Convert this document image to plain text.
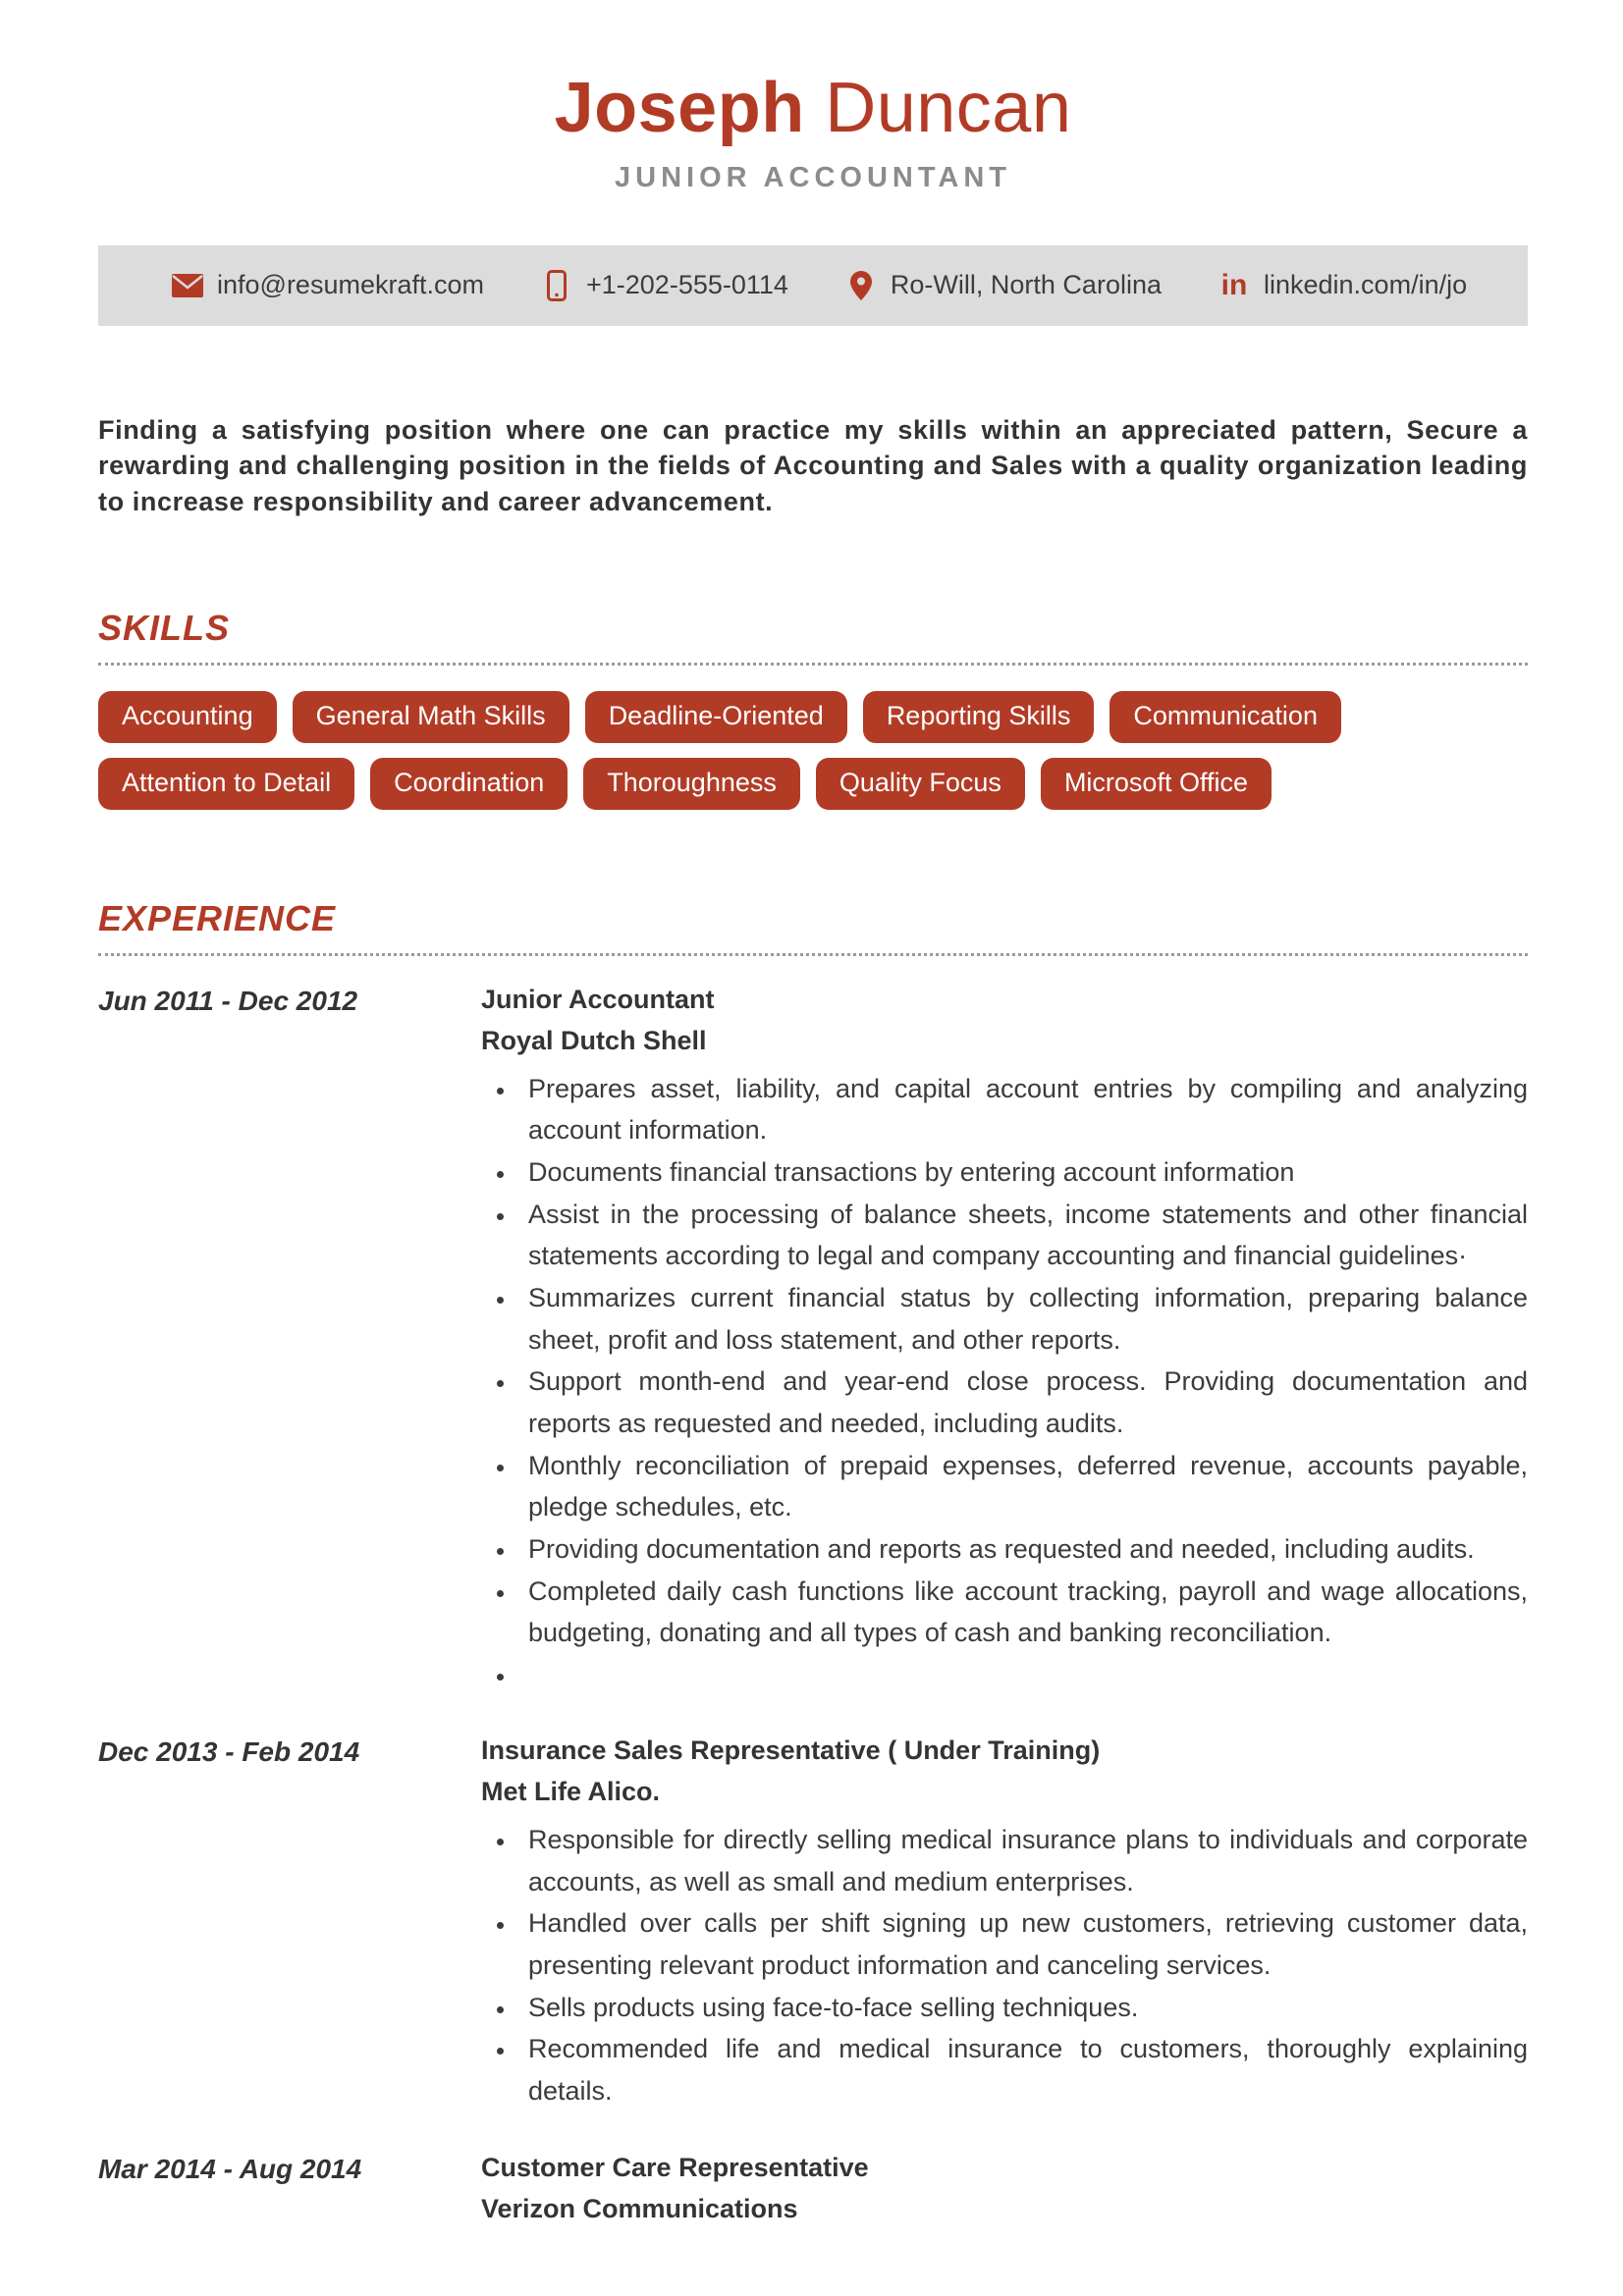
Joseph Duncan
JUNIOR ACCOUNTANT
info@resumekraft.com	+1-202-555-0114	Ro-Will, North Carolina in linkedin.com/in/jo

Finding a satisfying position where one can practice my skills within an appreciated pattern, Secure a rewarding and challenging position in the fields of Accounting and Sales with a quality organization leading to increase responsibility and career advancement.

SKILLS
Accounting	General Math Skills	Deadline-Oriented	Reporting Skills	Communication
Attention to Detail	Coordination	Thoroughness	Quality Focus	Microsoft Office
EXPERIENCE
Jun 2011 - Dec 2012	Junior Accountant
Royal Dutch Shell
• Prepares asset, liability, and capital account entries by compiling and analyzing account information.
• Documents financial transactions by entering account information
• Assist in the processing of balance sheets, income statements and other financial statements according to legal and company accounting and financial guidelines·
• Summarizes current financial status by collecting information, preparing balance sheet, profit and loss statement, and other reports.
• Support month-end and year-end close process. Providing documentation and reports as requested and needed, including audits.
• Monthly reconciliation of prepaid expenses, deferred revenue, accounts payable, pledge schedules, etc.
• Providing documentation and reports as requested and needed, including audits.
• Completed daily cash functions like account tracking, payroll and wage allocations, budgeting, donating and all types of cash and banking reconciliation.
•
Dec 2013 - Feb 2014	Insurance Sales Representative ( Under Training)
Met Life Alico.
• Responsible for directly selling medical insurance plans to individuals and corporate accounts, as well as small and medium enterprises.
• Handled over calls per shift signing up new customers, retrieving customer data, presenting relevant product information and canceling services.
• Sells products using face-to-face selling techniques.
• Recommended life and medical insurance to customers, thoroughly explaining details.
Mar 2014 - Aug 2014	Customer Care Representative
Verizon Communications
